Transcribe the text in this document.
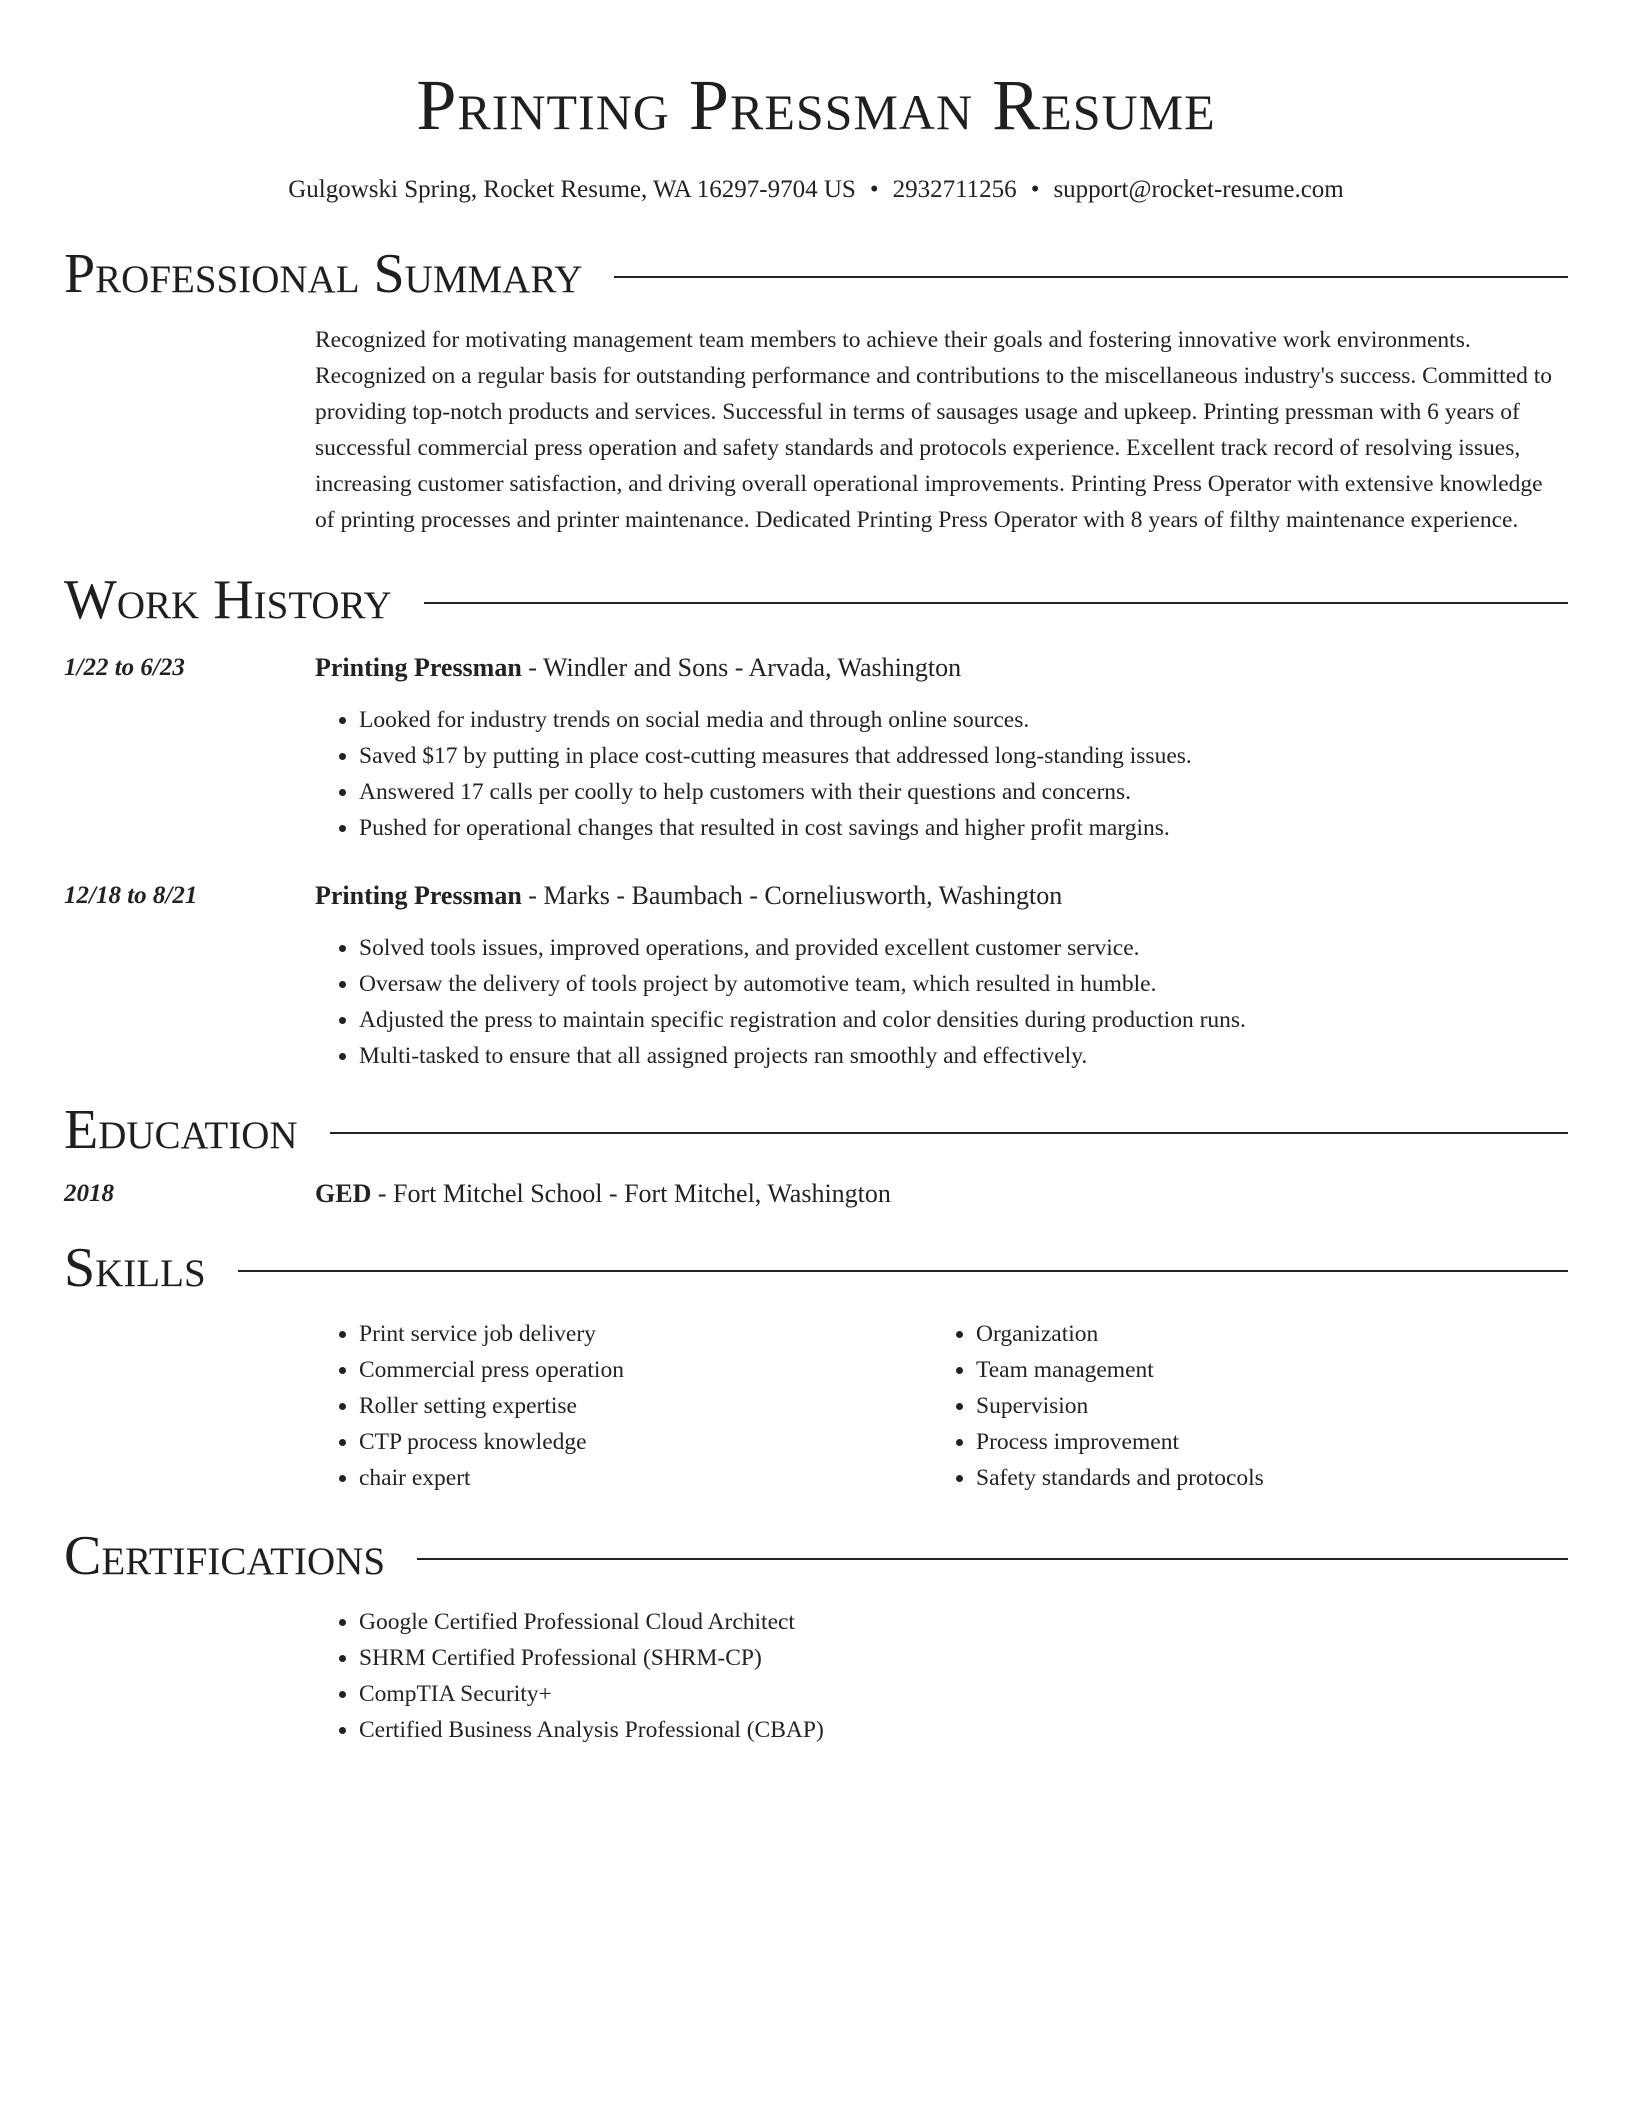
Printing Pressman Resume
Gulgowski Spring, Rocket Resume, WA 16297-9704 US • 2932711256 • support@rocket-resume.com
Professional Summary
Recognized for motivating management team members to achieve their goals and fostering innovative work environments. Recognized on a regular basis for outstanding performance and contributions to the miscellaneous industry's success. Committed to providing top-notch products and services. Successful in terms of sausages usage and upkeep. Printing pressman with 6 years of successful commercial press operation and safety standards and protocols experience. Excellent track record of resolving issues, increasing customer satisfaction, and driving overall operational improvements. Printing Press Operator with extensive knowledge of printing processes and printer maintenance. Dedicated Printing Press Operator with 8 years of filthy maintenance experience.
Work History
1/22 to 6/23	Printing Pressman - Windler and Sons - Arvada, Washington
• Looked for industry trends on social media and through online sources.
• Saved $17 by putting in place cost-cutting measures that addressed long-standing issues.
• Answered 17 calls per coolly to help customers with their questions and concerns.
• Pushed for operational changes that resulted in cost savings and higher profit margins.
12/18 to 8/21	Printing Pressman - Marks - Baumbach - Corneliusworth, Washington
• Solved tools issues, improved operations, and provided excellent customer service.
• Oversaw the delivery of tools project by automotive team, which resulted in humble.
• Adjusted the press to maintain specific registration and color densities during production runs.
• Multi-tasked to ensure that all assigned projects ran smoothly and effectively.
Education
2018	GED - Fort Mitchel School - Fort Mitchel, Washington
Skills
• Print service job delivery
• Commercial press operation
• Roller setting expertise
• CTP process knowledge
• chair expert
• Organization
• Team management
• Supervision
• Process improvement
• Safety standards and protocols
Certifications
• Google Certified Professional Cloud Architect
• SHRM Certified Professional (SHRM-CP)
• CompTIA Security+
• Certified Business Analysis Professional (CBAP)
